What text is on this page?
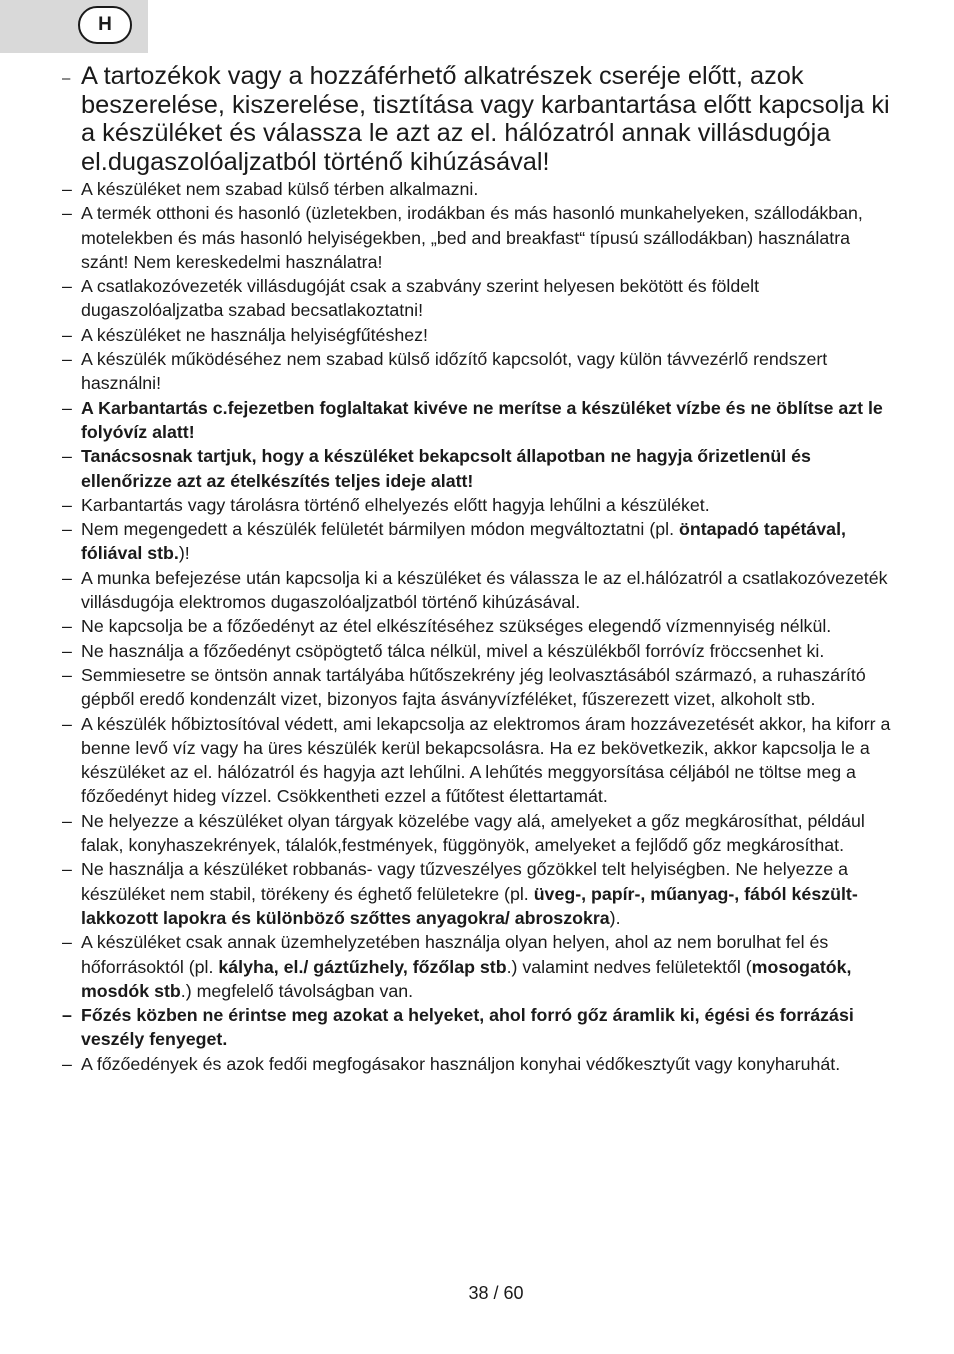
H
– A tartozékok vagy a hozzáférhető alkatrészek cseréje előtt, azok beszerelése, kiszerelése, tisztítása vagy karbantartása előtt kapcsolja ki a készüléket és válassza le azt az el. hálózatról annak villásdugója el.dugaszolóaljzatból történő kihúzásával!
– A készüléket nem szabad külső térben alkalmazni.
– A termék otthoni és hasonló (üzletekben, irodákban és más hasonló munkahelyeken, szállodákban, motelekben és más hasonló helyiségekben, „bed and breakfast“ típusú szállodákban) használatra szánt! Nem kereskedelmi használatra!
– A csatlakozóvezeték villásdugóját csak a szabvány szerint helyesen bekötött és földelt dugaszolóaljzatba szabad becsatlakoztatni!
– A készüléket ne használja helyiségfűtéshez!
– A készülék működéséhez nem szabad külső időzítő kapcsolót, vagy külön távvezérlő rendszert használni!
– A Karbantartás c.fejezetben foglaltakat kivéve ne merítse a készüléket vízbe és ne öblítse azt le folyóvíz alatt!
– Tanácsosnak tartjuk, hogy a készüléket bekapcsolt állapotban ne hagyja őrizetlenül és ellenőrizze azt az ételkészítés teljes ideje alatt!
– Karbantartás vagy tárolásra történő elhelyezés előtt hagyja lehűlni a készüléket.
– Nem megengedett a készülék felületét bármilyen módon megváltoztatni (pl. öntapadó tapétával, fóliával stb.)!
– A munka befejezése után kapcsolja ki a készüléket és válassza le az el.hálózatról a csatlakozóvezeték villásdugója elektromos dugaszolóaljzatból történő kihúzásával.
– Ne kapcsolja be a főzőedényt az étel elkészítéséhez szükséges elegendő vízmennyiség nélkül.
– Ne használja a főzőedényt csöpögtető tálca nélkül, mivel a készülékből forróvíz fröccsenhet ki.
– Semmiesetre se öntsön annak tartályába hűtőszekrény jég leolvasztásából származó, a ruhaszárító gépből eredő kondenzált vizet, bizonyos fajta ásványvízféléket, fűszerezett vizet, alkoholt stb.
– A készülék hőbiztosítóval védett, ami lekapcsolja az elektromos áram hozzávezetését akkor, ha kiforr a benne levő víz vagy ha üres készülék kerül bekapcsolásra. Ha ez bekövetkezik, akkor kapcsolja le a készüléket az el. hálózatról és hagyja azt lehűlni. A lehűtés meggyorsítása céljából ne töltse meg a főzőedényt hideg vízzel. Csökkentheti ezzel a fűtőtest élettartamát.
– Ne helyezze a készüléket olyan tárgyak közelébe vagy alá, amelyeket a gőz megkárosíthat, például falak, konyhaszekrények, tálalók,festmények, függönyök, amelyeket a fejlődő gőz megkárosíthat.
– Ne használja a készüléket robbanás- vagy tűzveszélyes gőzökkel telt helyiségben. Ne helyezze a készüléket nem stabil, törékeny és éghető felületekre (pl. üveg-, papír-, műanyag-, fából készült-lakkozott lapokra és különböző szőttes anyagokra/ abroszokra).
– A készüléket csak annak üzemhelyzetében használja olyan helyen, ahol az nem borulhat fel és hőforrásoktól (pl. kályha, el./ gáztűzhely, főzőlap stb.) valamint nedves felületektől (mosogatók, mosdók stb.) megfelelő távolságban van.
– Főzés közben ne érintse meg azokat a helyeket, ahol forró gőz áramlik ki, égési és forrázási veszély fenyeget.
– A főzőedények és azok fedői megfogásakor használjon konyhai védőkesztyűt vagy konyharuhát.
38 / 60
